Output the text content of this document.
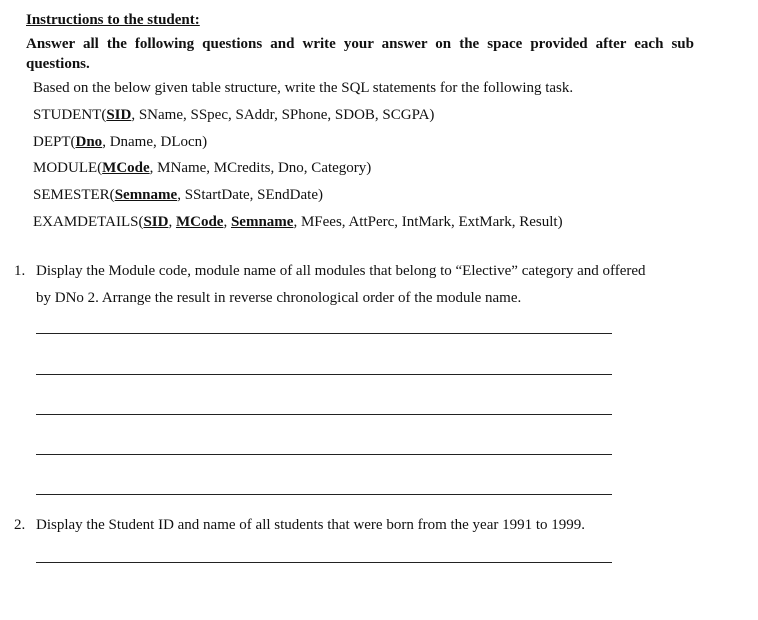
Instructions to the student:
Answer all the following questions and write your answer on the space provided after each sub questions.
Based on the below given table structure, write the SQL statements for the following task.
STUDENT(SID, SName, SSpec, SAddr, SPhone, SDOB, SCGPA)
DEPT(Dno, Dname, DLocn)
MODULE(MCode, MName, MCredits, Dno, Category)
SEMESTER(Semname, SStartDate, SEndDate)
EXAMDETAILS(SID, MCode, Semname, MFees, AttPerc, IntMark, ExtMark, Result)
1. Display the Module code, module name of all modules that belong to “Elective” category and offered
by DNo 2. Arrange the result in reverse chronological order of the module name.
2. Display the Student ID and name of all students that were born from the year 1991 to 1999.
